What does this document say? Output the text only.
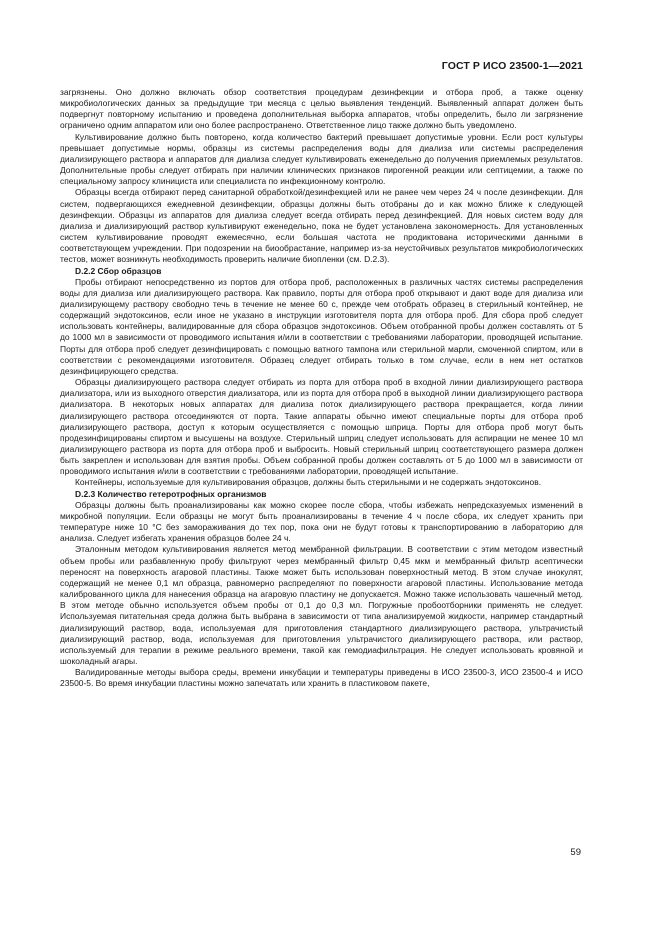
ГОСТ Р ИСО 23500-1—2021

загрязнены. Оно должно включать обзор соответствия процедурам дезинфекции и отбора проб, а также оценку микробиологических данных за предыдущие три месяца с целью выявления тенденций. Выявленный аппарат должен быть подвергнут повторному испытанию и проведена дополнительная выборка аппаратов, чтобы определить, было ли загрязнение ограничено одним аппаратом или оно более распространено. Ответственное лицо также должно быть уведомлено.

Культивирование должно быть повторено, когда количество бактерий превышает допустимые уровни. Если рост культуры превышает допустимые нормы, образцы из системы распределения воды для диализа или системы распределения диализирующего раствора и аппаратов для диализа следует культивировать еженедельно до получения приемлемых результатов. Дополнительные пробы следует отбирать при наличии клинических признаков пирогенной реакции или септицемии, а также по специальному запросу клинициста или специалиста по инфекционному контролю.

Образцы всегда отбирают перед санитарной обработкой/дезинфекцией или не ранее чем через 24 ч после дезинфекции. Для систем, подвергающихся ежедневной дезинфекции, образцы должны быть отобраны до и как можно ближе к следующей дезинфекции. Образцы из аппаратов для диализа следует всегда отбирать перед дезинфекцией. Для новых систем воду для диализа и диализирующий раствор культивируют еженедельно, пока не будет установлена закономерность. Для установленных систем культивирование проводят ежемесячно, если большая частота не продиктована историческими данными в соответствующем учреждении. При подозрении на биообрастание, например из-за неустойчивых результатов микробиологических тестов, может возникнуть необходимость проверить наличие биопленки (см. D.2.3).

D.2.2 Сбор образцов

Пробы отбирают непосредственно из портов для отбора проб, расположенных в различных частях системы распределения воды для диализа или диализирующего раствора. Как правило, порты для отбора проб открывают и дают воде для диализа или диализирующему раствору свободно течь в течение не менее 60 с, прежде чем отобрать образец в стерильный контейнер, не содержащий эндотоксинов, если иное не указано в инструкции изготовителя порта для отбора проб. Для сбора проб следует использовать контейнеры, валидированные для сбора образцов эндотоксинов. Объем отобранной пробы должен составлять от 5 до 1000 мл в зависимости от проводимого испытания и/или в соответствии с требованиями лаборатории, проводящей испытание. Порты для отбора проб следует дезинфицировать с помощью ватного тампона или стерильной марли, смоченной спиртом, или в соответствии с рекомендациями изготовителя. Образец следует отбирать только в том случае, если в нем нет остатков дезинфицирующего средства.

Образцы диализирующего раствора следует отбирать из порта для отбора проб в входной линии диализирующего раствора диализатора, или из выходного отверстия диализатора, или из порта для отбора проб в выходной линии диализирующего раствора диализатора. В некоторых новых аппаратах для диализа поток диализирующего раствора прекращается, когда линии диализирующего раствора отсоединяются от порта. Такие аппараты обычно имеют специальные порты для отбора проб диализирующего раствора, доступ к которым осуществляется с помощью шприца. Порты для отбора проб могут быть продезинфицированы спиртом и высушены на воздухе. Стерильный шприц следует использовать для аспирации не менее 10 мл диализирующего раствора из порта для отбора проб и выбросить. Новый стерильный шприц соответствующего размера должен быть закреплен и использован для взятия пробы. Объем собранной пробы должен составлять от 5 до 1000 мл в зависимости от проводимого испытания и/или в соответствии с требованиями лаборатории, проводящей испытание.

Контейнеры, используемые для культивирования образцов, должны быть стерильными и не содержать эндотоксинов.

D.2.3 Количество гетеротрофных организмов

Образцы должны быть проанализированы как можно скорее после сбора, чтобы избежать непредсказуемых изменений в микробной популяции. Если образцы не могут быть проанализированы в течение 4 ч после сбора, их следует хранить при температуре ниже 10 °C без замораживания до тех пор, пока они не будут готовы к транспортированию в лабораторию для анализа. Следует избегать хранения образцов более 24 ч.

Эталонным методом культивирования является метод мембранной фильтрации. В соответствии с этим методом известный объем пробы или разбавленную пробу фильтруют через мембранный фильтр 0,45 мкм и мембранный фильтр асептически переносят на поверхность агаровой пластины. Также может быть использован поверхностный метод. В этом случае инокулят, содержащий не менее 0,1 мл образца, равномерно распределяют по поверхности агаровой пластины. Использование метода калиброванного цикла для нанесения образца на агаровую пластину не допускается. Можно также использовать чашечный метод. В этом методе обычно используется объем пробы от 0,1 до 0,3 мл. Погружные пробоотборники применять не следует. Используемая питательная среда должна быть выбрана в зависимости от типа анализируемой жидкости, например стандартный диализирующий раствор, вода, используемая для приготовления стандартного диализирующего раствора, ультрачистый диализирующий раствор, вода, используемая для приготовления ультрачистого диализирующего раствора, или раствор, используемый для терапии в режиме реального времени, такой как гемодиафильтрация. Не следует использовать кровяной и шоколадный агары.

Валидированные методы выбора среды, времени инкубации и температуры приведены в ИСО 23500-3, ИСО 23500-4 и ИСО 23500-5. Во время инкубации пластины можно запечатать или хранить в пластиковом пакете,

59
